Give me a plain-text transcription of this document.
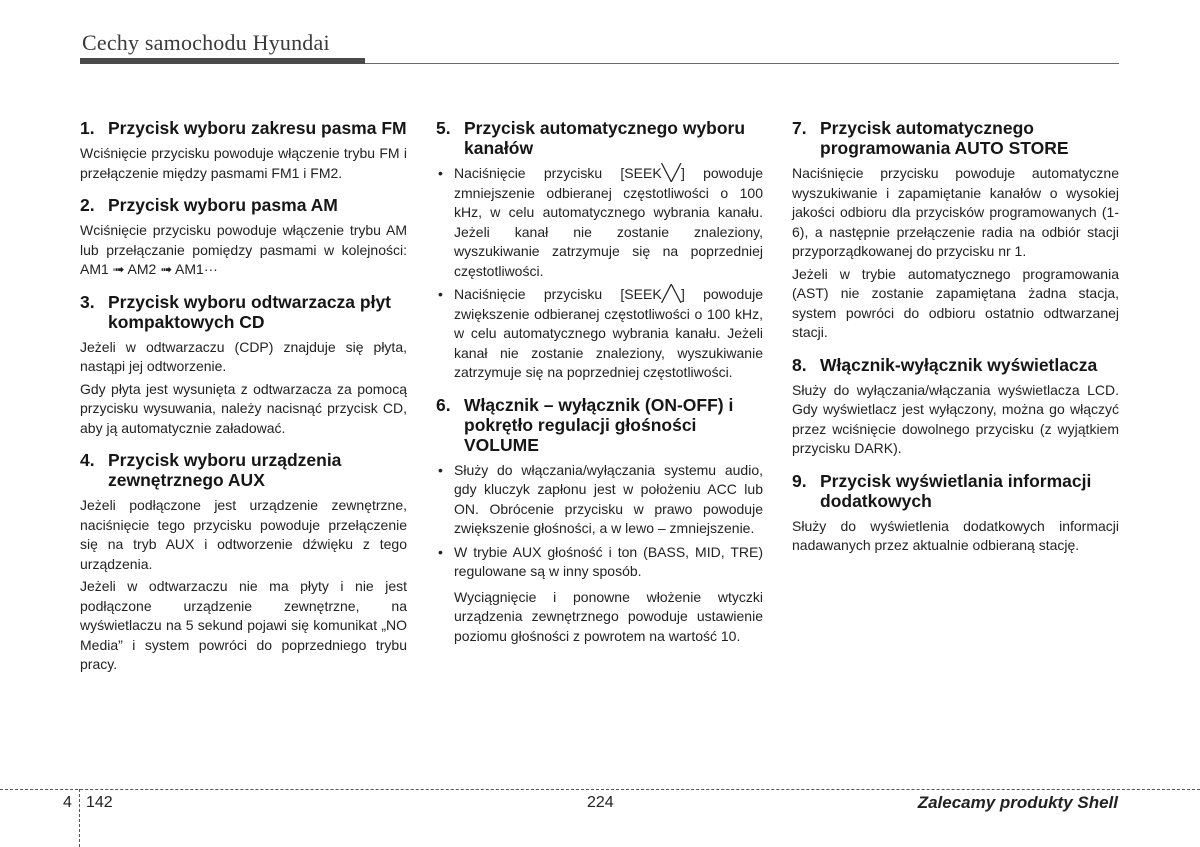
Cechy samochodu Hyundai
1. Przycisk wyboru zakresu pasma FM

Wciśnięcie przycisku powoduje włączenie trybu FM i przełączenie między pasmami FM1 i FM2.

2. Przycisk wyboru pasma AM

Wciśnięcie przycisku powoduje włączenie trybu AM lub przełączanie pomiędzy pasmami w kolejności: AM1 ➟ AM2 ➟ AM1···

3. Przycisk wyboru odtwarzacza płyt kompaktowych CD

Jeżeli w odtwarzaczu (CDP) znajduje się płyta, nastąpi jej odtworzenie.

Gdy płyta jest wysunięta z odtwarzacza za pomocą przycisku wysuwania, należy nacisnąć przycisk CD, aby ją automatycznie załadować.

4. Przycisk wyboru urządzenia zewnętrznego AUX

Jeżeli podłączone jest urządzenie zewnętrzne, naciśnięcie tego przycisku powoduje przełączenie się na tryb AUX i odtworzenie dźwięku z tego urządzenia.

Jeżeli w odtwarzaczu nie ma płyty i nie jest podłączone urządzenie zewnętrzne, na wyświetlaczu na 5 sekund pojawi się komunikat „NO Media” i system powróci do poprzedniego trybu pracy.

5. Przycisk automatycznego wyboru kanałów
• Naciśnięcie przycisku [SEEK╲╱] powoduje zmniejszenie odbieranej częstotliwości o 100 kHz, w celu automatycznego wybrania kanału. Jeżeli kanał nie zostanie znaleziony, wyszukiwanie zatrzymuje się na poprzedniej częstotliwości.
• Naciśnięcie przycisku [SEEK╱╲] powoduje zwiększenie odbieranej częstotliwości o 100 kHz, w celu automatycznego wybrania kanału. Jeżeli kanał nie zostanie znaleziony, wyszukiwanie zatrzymuje się na poprzedniej częstotliwości.
6. Włącznik – wyłącznik (ON-OFF) i pokrętło regulacji głośności VOLUME
• Służy do włączania/wyłączania systemu audio, gdy kluczyk zapłonu jest w położeniu ACC lub ON. Obrócenie przycisku w prawo powoduje zwiększenie głośności, a w lewo – zmniejszenie.
• W trybie AUX głośność i ton (BASS, MID, TRE) regulowane są w inny sposób.

Wyciągnięcie i ponowne włożenie wtyczki urządzenia zewnętrznego powoduje ustawienie poziomu głośności z powrotem na wartość 10.

7. Przycisk automatycznego programowania AUTO STORE

Naciśnięcie przycisku powoduje automatyczne wyszukiwanie i zapamiętanie kanałów o wysokiej jakości odbioru dla przycisków programowanych (1-6), a następnie przełączenie radia na odbiór stacji przyporządkowanej do przycisku nr 1.

Jeżeli w trybie automatycznego programowania (AST) nie zostanie zapamiętana żadna stacja, system powróci do odbioru ostatnio odtwarzanej stacji.

8. Włącznik-wyłącznik wyświetlacza

Służy do wyłączania/włączania wyświetlacza LCD. Gdy wyświetlacz jest wyłączony, można go włączyć przez wciśnięcie dowolnego przycisku (z wyjątkiem przycisku DARK).

9. Przycisk wyświetlania informacji dodatkowych

Służy do wyświetlenia dodatkowych informacji nadawanych przez aktualnie odbieraną stację.

4 142	224	Zalecamy produkty Shell
